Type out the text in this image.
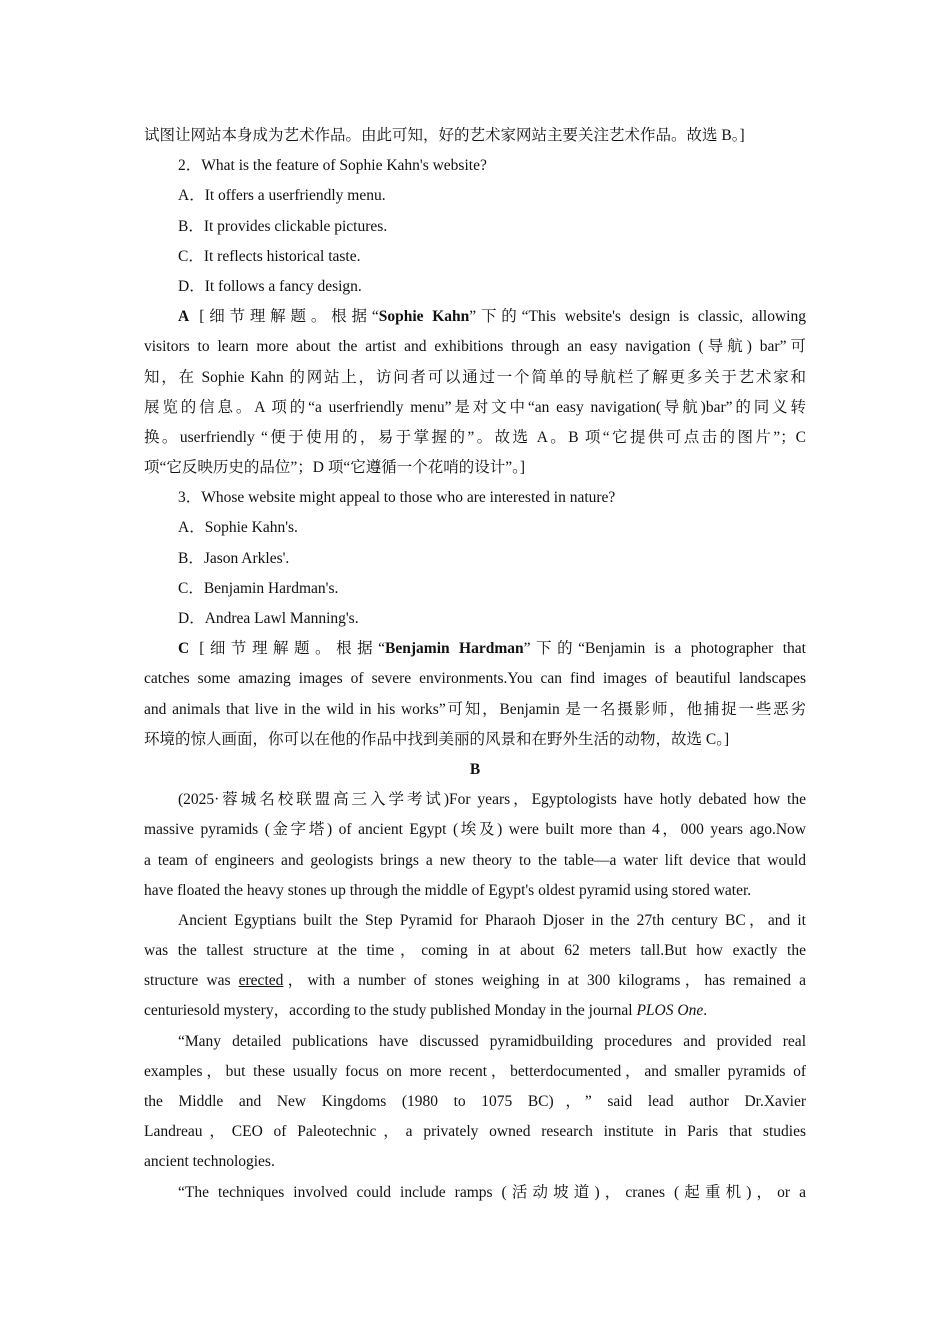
试图让网站本身成为艺术作品。由此可知，好的艺术家网站主要关注艺术作品。故选 B。]
2．What is the feature of Sophie Kahn's website?
A．It offers a userfriendly menu.
B．It provides clickable pictures.
C．It reflects historical taste.
D．It follows a fancy design.
A [细节理解题。根据“Sophie Kahn”下的“This website's design is classic, allowing
visitors to learn more about the artist and exhibitions through an easy navigation (导航) bar”可
知，在 Sophie Kahn 的网站上，访问者可以通过一个简单的导航栏了解更多关于艺术家和
展览的信息。A 项的“a userfriendly menu”是对文中“an easy navigation(导航)bar”的同义转
换。userfriendly “便于使用的，易于掌握的”。故选 A。B 项“它提供可点击的图片”；C
项“它反映历史的品位”；D 项“它遵循一个花哨的设计”。]
3．Whose website might appeal to those who are interested in nature?
A．Sophie Kahn's.
B．Jason Arkles'.
C．Benjamin Hardman's.
D．Andrea Lawl Manning's.
C [细节理解题。根据“Benjamin Hardman”下的“Benjamin is a photographer that
catches some amazing images of severe environments.You can find images of beautiful landscapes
and animals that live in the wild in his works”可知，Benjamin 是一名摄影师，他捕捉一些恶劣
环境的惊人画面，你可以在他的作品中找到美丽的风景和在野外生活的动物，故选 C。]
B
(2025·蓉城名校联盟高三入学考试)For years，Egyptologists have hotly debated how the
massive pyramids (金字塔) of ancient Egypt (埃及) were built more than 4，000 years ago.Now
a team of engineers and geologists brings a new theory to the table—a water lift device that would
have floated the heavy stones up through the middle of Egypt's oldest pyramid using stored water.
Ancient Egyptians built the Step Pyramid for Pharaoh Djoser in the 27th century BC，and it
was the tallest structure at the time，coming in at about 62 meters tall.But how exactly the
structure was erected，with a number of stones weighing in at 300 kilograms，has remained a
centuriesold mystery，according to the study published Monday in the journal PLOS One.
“Many detailed publications have discussed pyramidbuilding procedures and provided real
examples，but these usually focus on more recent，betterdocumented，and smaller pyramids of
the Middle and New Kingdoms (1980 to 1075 BC)，” said lead author Dr.Xavier
Landreau，CEO of Paleotechnic，a privately owned research institute in Paris that studies
ancient technologies.
“The techniques involved could include ramps (活动坡道)，cranes (起重机)，or a
